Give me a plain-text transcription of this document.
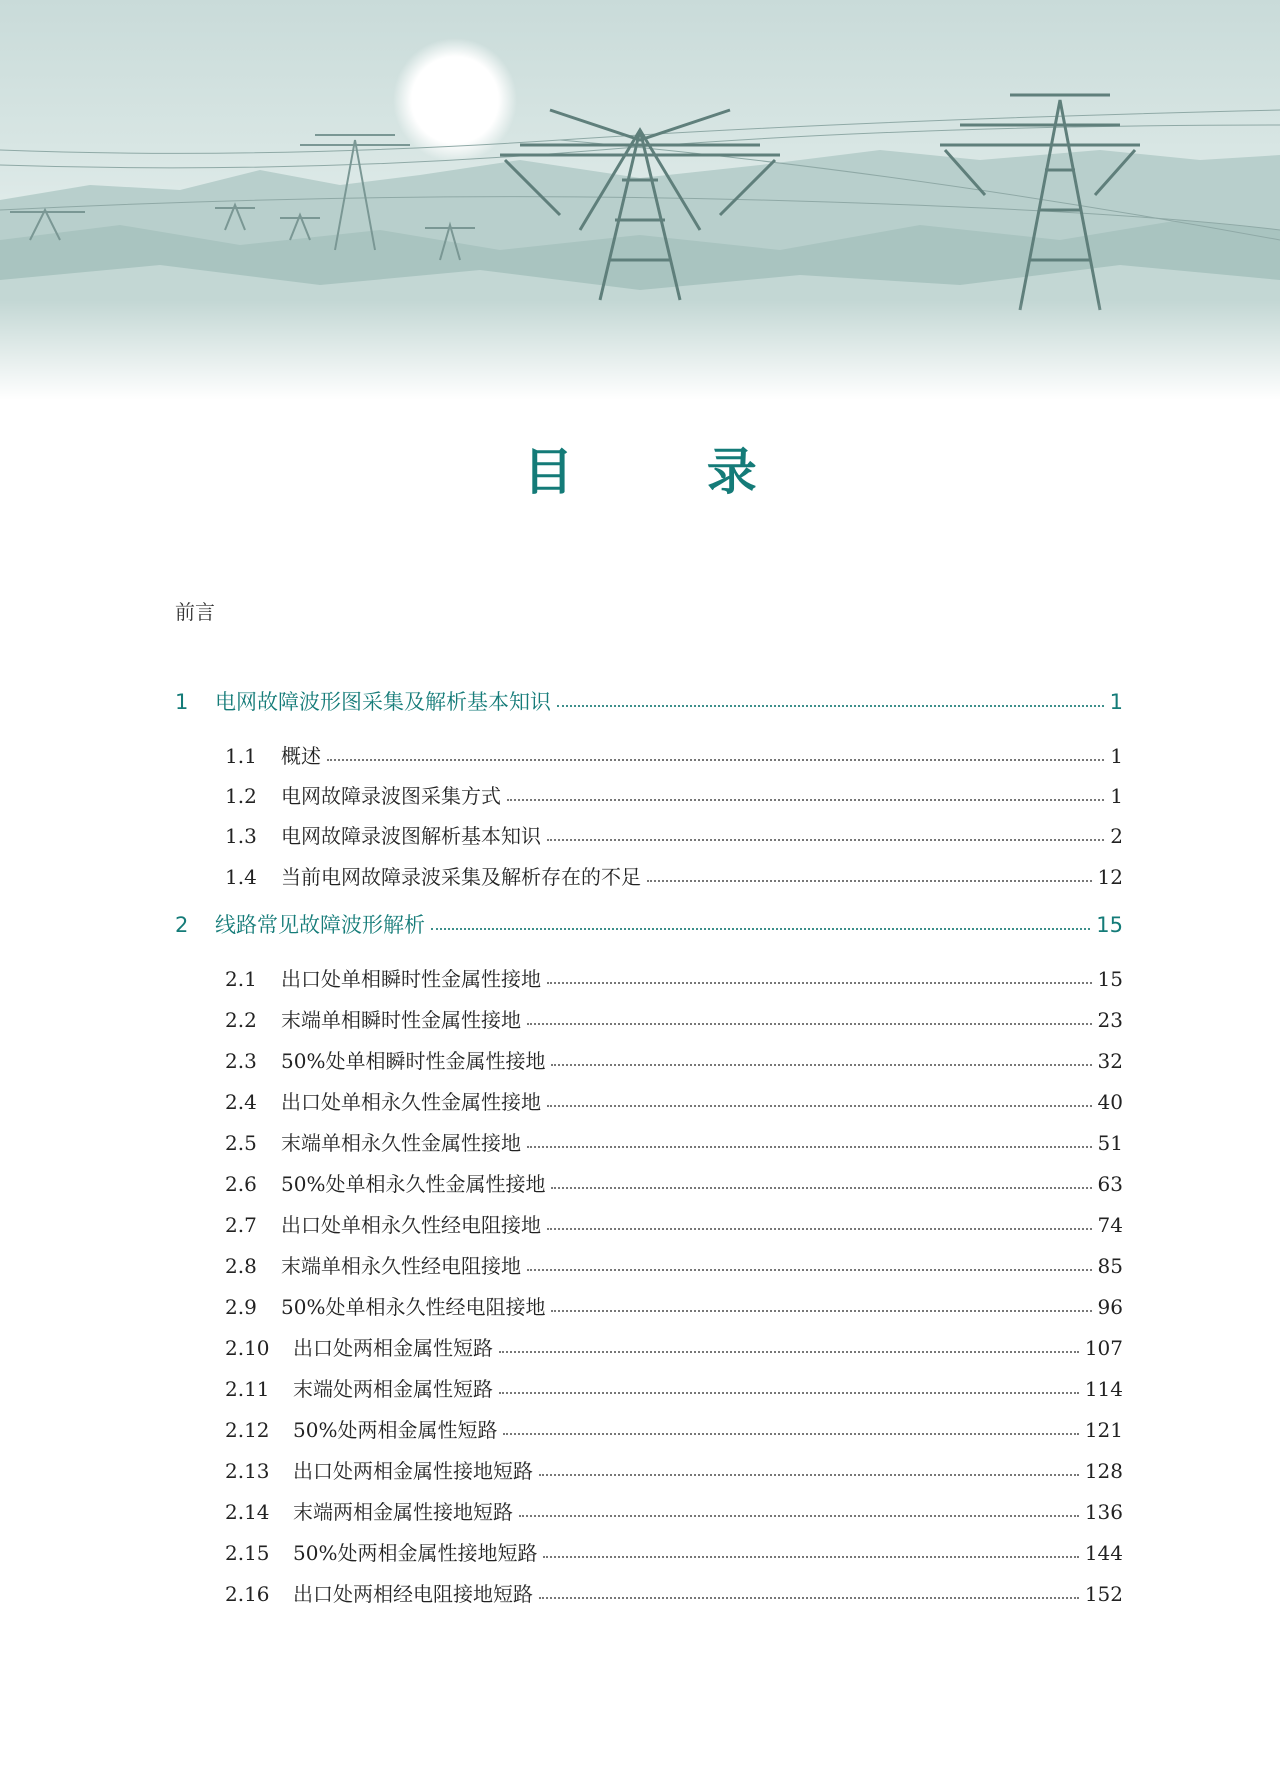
目 录
前言
1	电网故障波形图采集及解析基本知识	1
1.1	概述	1
1.2	电网故障录波图采集方式	1
1.3	电网故障录波图解析基本知识	2
1.4	当前电网故障录波采集及解析存在的不足	12
2	线路常见故障波形解析	15
2.1	出口处单相瞬时性金属性接地	15
2.2	末端单相瞬时性金属性接地	23
2.3	50%处单相瞬时性金属性接地	32
2.4	出口处单相永久性金属性接地	40
2.5	末端单相永久性金属性接地	51
2.6	50%处单相永久性金属性接地	63
2.7	出口处单相永久性经电阻接地	74
2.8	末端单相永久性经电阻接地	85
2.9	50%处单相永久性经电阻接地	96
2.10	出口处两相金属性短路	107
2.11	末端处两相金属性短路	114
2.12	50%处两相金属性短路	121
2.13	出口处两相金属性接地短路	128
2.14	末端两相金属性接地短路	136
2.15	50%处两相金属性接地短路	144
2.16	出口处两相经电阻接地短路	152
